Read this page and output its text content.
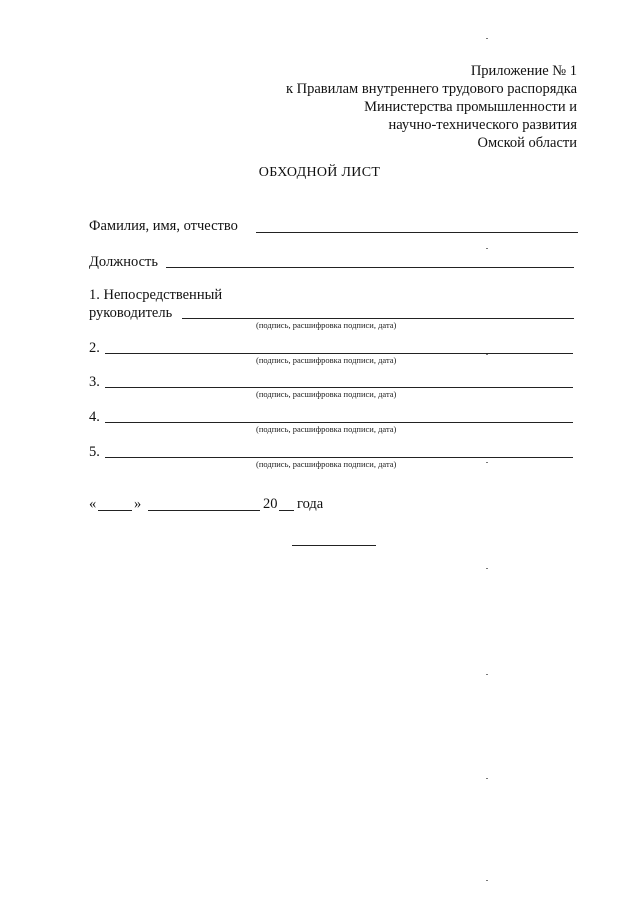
Приложение № 1
к Правилам внутреннего трудового распорядка
Министерства промышленности и
научно-технического развития
Омской области
ОБХОДНОЙ ЛИСТ
Фамилия, имя, отчество
Должность
1. Непосредственный
руководитель
(подпись, расшифровка подписи, дата)
2.
(подпись, расшифровка подписи, дата)
3.
(подпись, расшифровка подписи, дата)
4.
(подпись, расшифровка подписи, дата)
5.
(подпись, расшифровка подписи, дата)
«	»	20 года
